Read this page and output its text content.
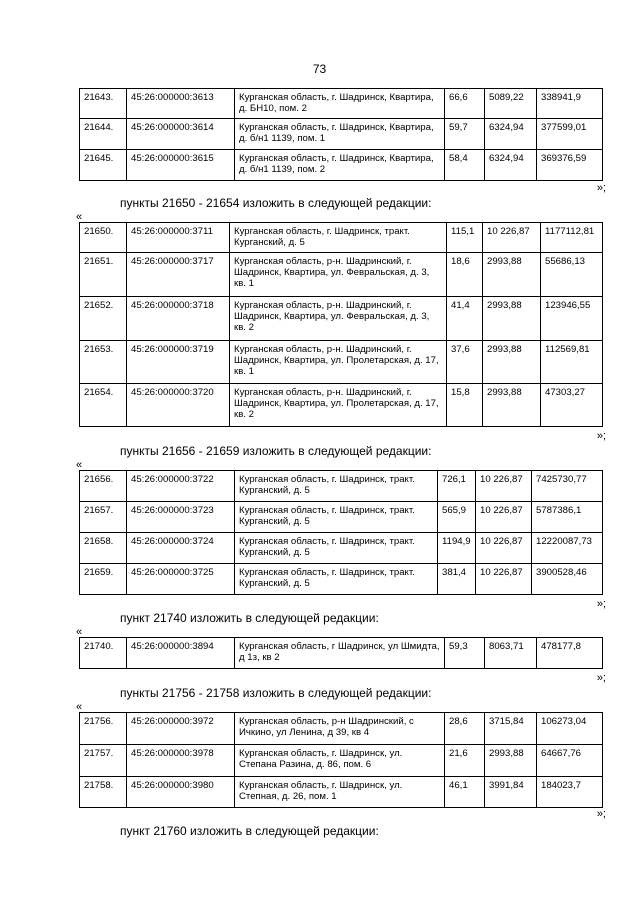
73
21643.	45:26:000000:3613	Курганская область, г. Шадринск, Квартира, д. БН10, пом. 2	66,6	5089,22	338941,9
21644.	45:26:000000:3614	Курганская область, г. Шадринск, Квартира, д. б/н1 1139, пом. 1	59,7	6324,94	377599,01
21645.	45:26:000000:3615	Курганская область, г. Шадринск, Квартира, д. б/н1 1139, пом. 2	58,4	6324,94	369376,59
»;
пункты 21650 - 21654 изложить в следующей редакции:
«
21650.	45:26:000000:3711	Курганская область, г. Шадринск, тракт. Курганский, д. 5	115,1	10 226,87	1177112,81
21651.	45:26:000000:3717	Курганская область, р-н. Шадринский, г. Шадринск, Квартира, ул. Февральская, д. 3, кв. 1	18,6	2993,88	55686,13
21652.	45:26:000000:3718	Курганская область, р-н. Шадринский, г. Шадринск, Квартира, ул. Февральская, д. 3, кв. 2	41,4	2993,88	123946,55
21653.	45:26:000000:3719	Курганская область, р-н. Шадринский, г. Шадринск, Квартира, ул. Пролетарская, д. 17, кв. 1	37,6	2993,88	112569,81
21654.	45:26:000000:3720	Курганская область, р-н. Шадринский, г. Шадринск, Квартира, ул. Пролетарская, д. 17, кв. 2	15,8	2993,88	47303,27
»;
пункты 21656 - 21659 изложить в следующей редакции:
«
21656.	45:26:000000:3722	Курганская область, г. Шадринск, тракт. Курганский, д. 5	726,1	10 226,87	7425730,77
21657.	45:26:000000:3723	Курганская область, г. Шадринск, тракт. Курганский, д. 5	565,9	10 226,87	5787386,1
21658.	45:26:000000:3724	Курганская область, г. Шадринск, тракт. Курганский, д. 5	1194,9	10 226,87	12220087,73
21659.	45:26:000000:3725	Курганская область, г. Шадринск, тракт. Курганский, д. 5	381,4	10 226,87	3900528,46
»;
пункт 21740 изложить в следующей редакции:
«
21740.	45:26:000000:3894	Курганская область, г Шадринск, ул Шмидта, д 1з, кв 2	59,3	8063,71	478177,8
»;
пункты 21756 - 21758 изложить в следующей редакции:
«
21756.	45:26:000000:3972	Курганская область, р-н Шадринский, с Ичкино, ул Ленина, д 39, кв 4	28,6	3715,84	106273,04
21757.	45:26:000000:3978	Курганская область, г. Шадринск, ул. Степана Разина, д. 86, пом. 6	21,6	2993,88	64667,76
21758.	45:26:000000:3980	Курганская область, г. Шадринск, ул. Степная, д. 26, пом. 1	46,1	3991,84	184023,7
»;
пункт 21760 изложить в следующей редакции:
